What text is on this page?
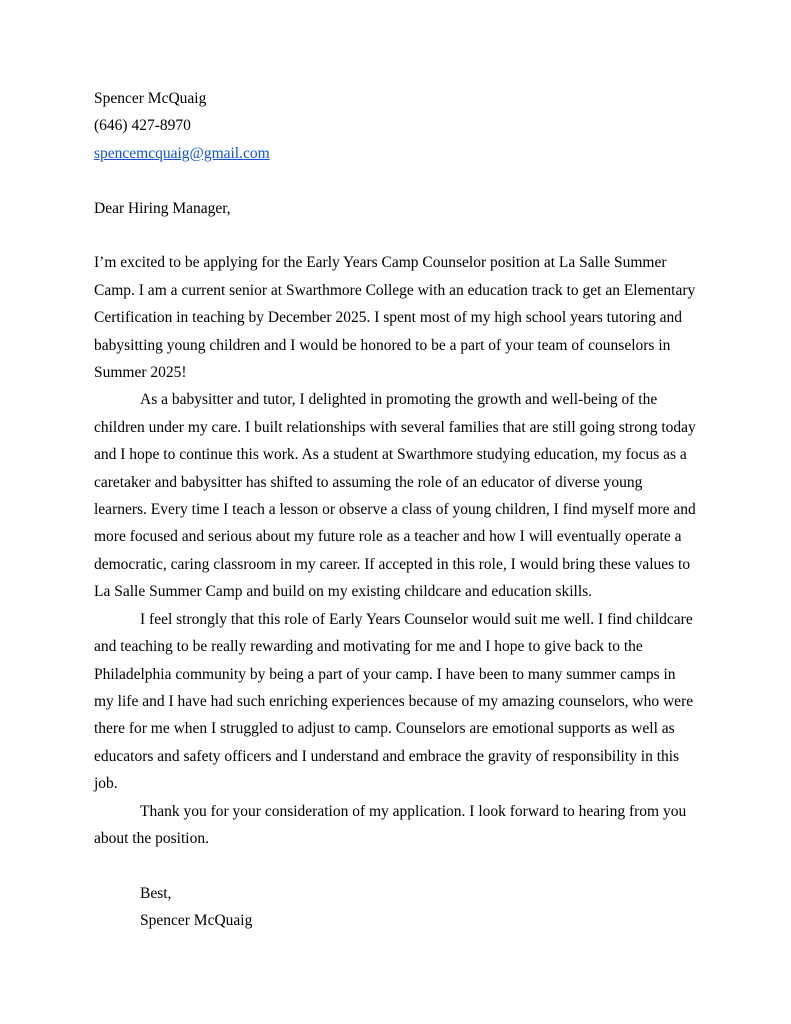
Spencer McQuaig
(646) 427-8970
spencemcquaig@gmail.com
Dear Hiring Manager,

I’m excited to be applying for the Early Years Camp Counselor position at La Salle Summer Camp. I am a current senior at Swarthmore College with an education track to get an Elementary Certification in teaching by December 2025. I spent most of my high school years tutoring and babysitting young children and I would be honored to be a part of your team of counselors in Summer 2025!

As a babysitter and tutor, I delighted in promoting the growth and well-being of the children under my care. I built relationships with several families that are still going strong today and I hope to continue this work. As a student at Swarthmore studying education, my focus as a caretaker and babysitter has shifted to assuming the role of an educator of diverse young learners. Every time I teach a lesson or observe a class of young children, I find myself more and more focused and serious about my future role as a teacher and how I will eventually operate a democratic, caring classroom in my career. If accepted in this role, I would bring these values to La Salle Summer Camp and build on my existing childcare and education skills.

I feel strongly that this role of Early Years Counselor would suit me well. I find childcare and teaching to be really rewarding and motivating for me and I hope to give back to the Philadelphia community by being a part of your camp. I have been to many summer camps in my life and I have had such enriching experiences because of my amazing counselors, who were there for me when I struggled to adjust to camp. Counselors are emotional supports as well as educators and safety officers and I understand and embrace the gravity of responsibility in this job.

Thank you for your consideration of my application. I look forward to hearing from you about the position.

Best,
Spencer McQuaig
